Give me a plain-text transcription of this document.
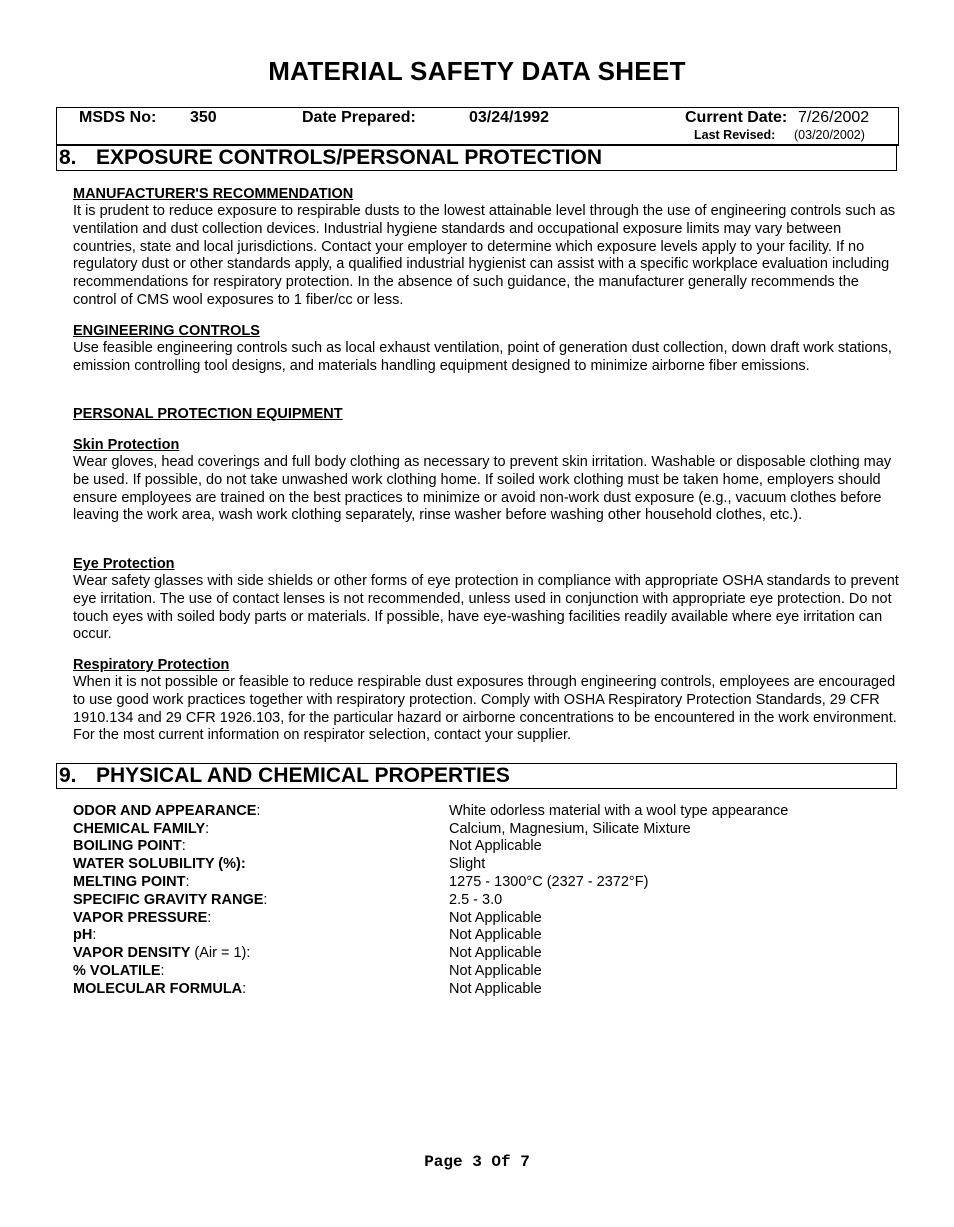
MATERIAL SAFETY DATA SHEET
MSDS No: 350	Date Prepared:	03/24/1992	Current Date: 7/26/2002
Last Revised: (03/20/2002)
8. EXPOSURE CONTROLS/PERSONAL PROTECTION
MANUFACTURER'S RECOMMENDATION

It is prudent to reduce exposure to respirable dusts to the lowest attainable level through the use of engineering controls such as ventilation and dust collection devices. Industrial hygiene standards and occupational exposure limits may vary between countries, state and local jurisdictions. Contact your employer to determine which exposure levels apply to your facility. If no regulatory dust or other standards apply, a qualified industrial hygienist can assist with a specific workplace evaluation including recommendations for respiratory protection. In the absence of such guidance, the manufacturer generally recommends the control of CMS wool exposures to 1 fiber/cc or less.

ENGINEERING CONTROLS

Use feasible engineering controls such as local exhaust ventilation, point of generation dust collection, down draft work stations, emission controlling tool designs, and materials handling equipment designed to minimize airborne fiber emissions.

PERSONAL PROTECTION EQUIPMENT
Skin Protection

Wear gloves, head coverings and full body clothing as necessary to prevent skin irritation. Washable or disposable clothing may be used. If possible, do not take unwashed work clothing home. If soiled work clothing must be taken home, employers should ensure employees are trained on the best practices to minimize or avoid non-work dust exposure (e.g., vacuum clothes before leaving the work area, wash work clothing separately, rinse washer before washing other household clothes, etc.).

Eye Protection

Wear safety glasses with side shields or other forms of eye protection in compliance with appropriate OSHA standards to prevent eye irritation. The use of contact lenses is not recommended, unless used in conjunction with appropriate eye protection. Do not touch eyes with soiled body parts or materials. If possible, have eye-washing facilities readily available where eye irritation can occur.

Respiratory Protection

When it is not possible or feasible to reduce respirable dust exposures through engineering controls, employees are encouraged to use good work practices together with respiratory protection. Comply with OSHA Respiratory Protection Standards, 29 CFR 1910.134 and 29 CFR 1926.103, for the particular hazard or airborne concentrations to be encountered in the work environment. For the most current information on respirator selection, contact your supplier.

9. PHYSICAL AND CHEMICAL PROPERTIES
ODOR AND APPEARANCE:	White odorless material with a wool type appearance
CHEMICAL FAMILY:	Calcium, Magnesium, Silicate Mixture
BOILING POINT:	Not Applicable
WATER SOLUBILITY (%):	Slight
MELTING POINT:	1275 - 1300°C (2327 - 2372°F)
SPECIFIC GRAVITY RANGE:	2.5 - 3.0
VAPOR PRESSURE:	Not Applicable
pH:	Not Applicable
VAPOR DENSITY (Air = 1):	Not Applicable
% VOLATILE:	Not Applicable
MOLECULAR FORMULA:	Not Applicable
Page 3 Of 7
